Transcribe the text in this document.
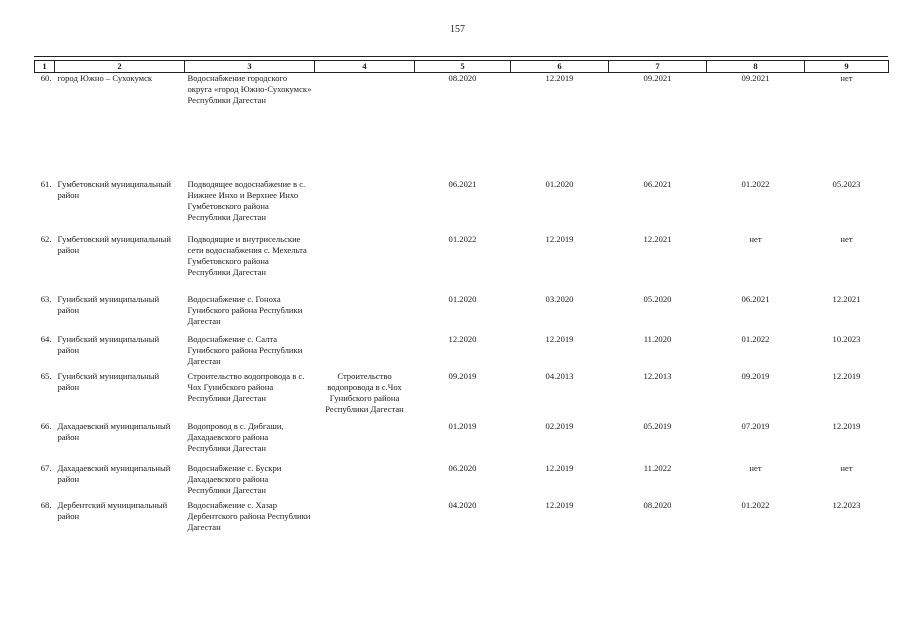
157
1	2	3	4	5	6	7	8	9
60.	город Южно – Сухокумск	Водоснабжение городского округа «город Южно-Сухокумск» Республики Дагестан		08.2020	12.2019	09.2021	09.2021	нет
61.	Гумбетовский муниципальный район	Подводящее водоснабжение в с. Нижнее Инхо и Верхнее Инхо Гумбетовского района Республики Дагестан		06.2021	01.2020	06.2021	01.2022	05.2023
62.	Гумбетовский муниципальный район	Подводящие и внутрисельские сети водоснабжения с. Мехельта Гумбетовского района Республики Дагестан		01.2022	12.2019	12.2021	нет	нет
63.	Гунибский муниципальный район	Водоснабжение с. Гоноха Гунибского района Республики Дагестан		01.2020	03.2020	05.2020	06.2021	12.2021
64.	Гунибский муниципальный район	Водоснабжение с. Салта Гунибского района Республики Дагестан		12.2020	12.2019	11.2020	01.2022	10.2023
65.	Гунибский муниципальный район	Строительство водопровода в с. Чох Гунибского района Республики Дагестан	Строительство водопровода в с.Чох Гунибского района Республики Дагестан	09.2019	04.2013	12.2013	09.2019	12.2019
66.	Дахадаевский муниципальный район	Водопровод в с. Дибгаши, Дахадаевского района Республики Дагестан		01.2019	02.2019	05.2019	07.2019	12.2019
67.	Дахадаевский муниципальный район	Водоснабжение с. Бускри Дахадаевского района Республики Дагестан		06.2020	12.2019	11.2022	нет	нет
68.	Дербентский муниципальный район	Водоснабжение с. Хазар Дербентского района Республики Дагестан		04.2020	12.2019	08.2020	01.2022	12.2023
